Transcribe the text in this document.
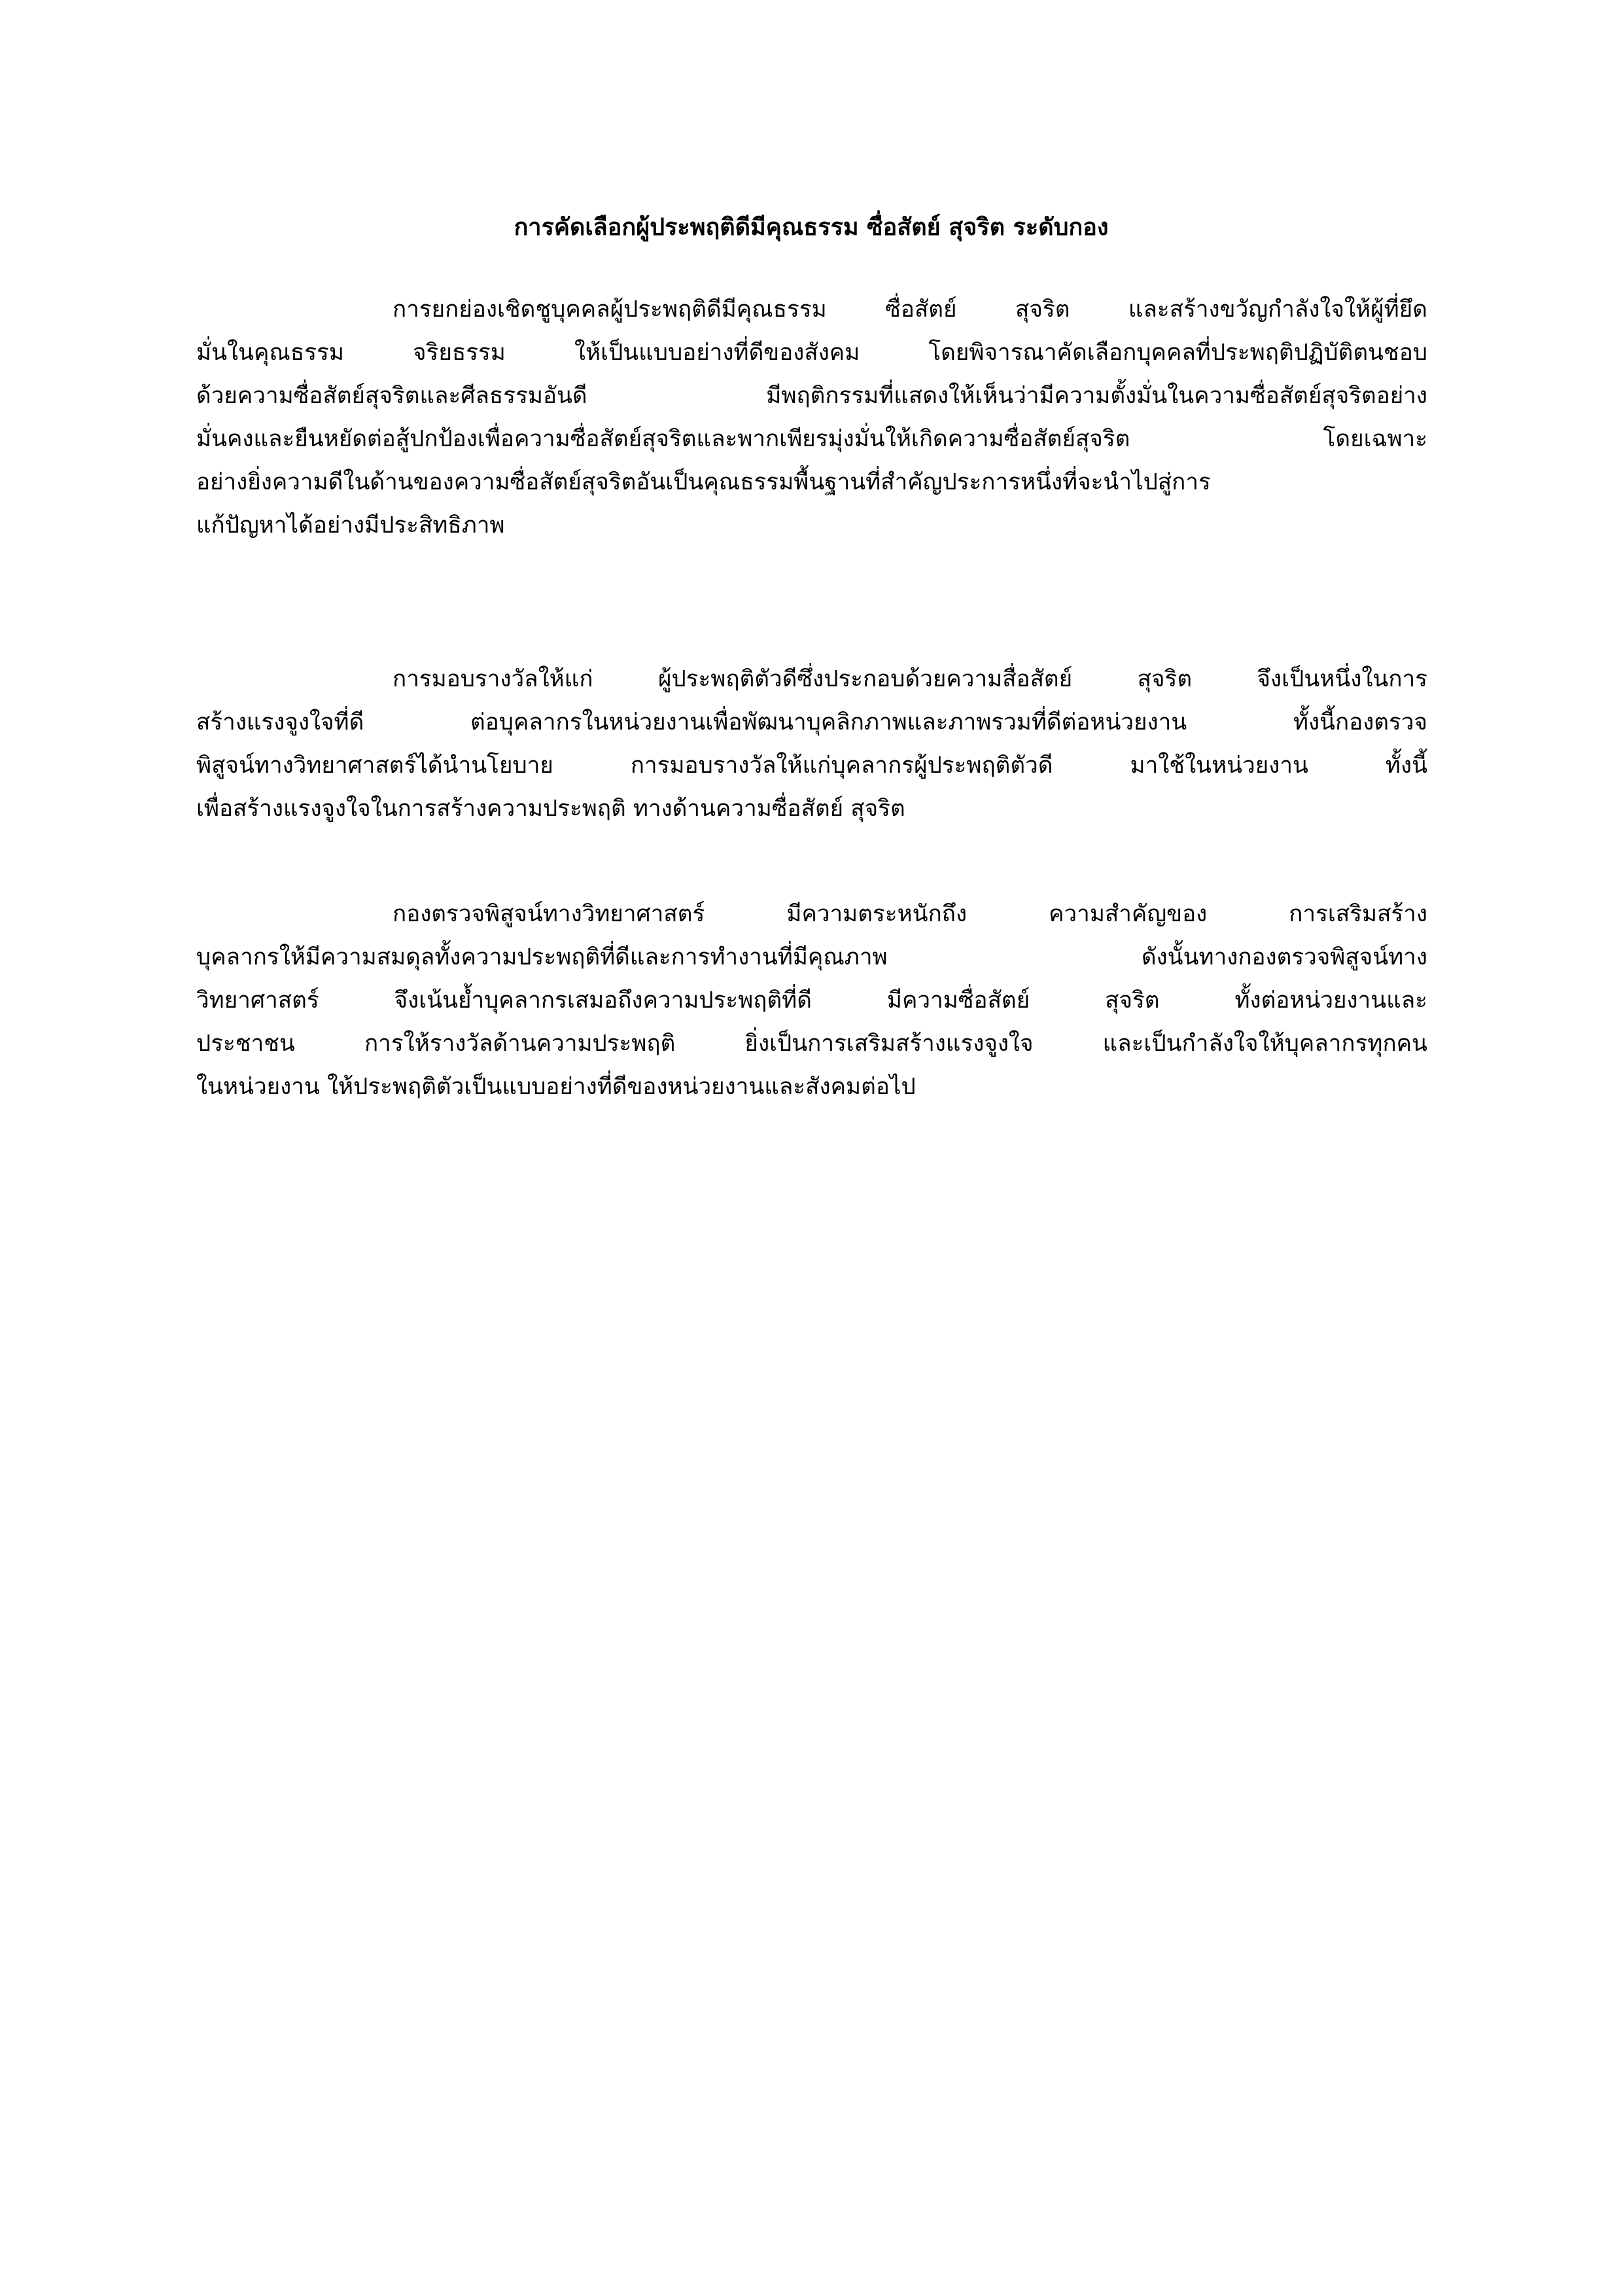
การคัดเลือกผู้ประพฤติดีมีคุณธรรม ซื่อสัตย์ สุจริต ระดับกอง
การยกย่องเชิดชูบุคคลผู้ประพฤติดีมีคุณธรรม ซื่อสัตย์ สุจริต และสร้างขวัญกำลังใจให้ผู้ที่ยึด
มั่นในคุณธรรม จริยธรรม ให้เป็นแบบอย่างที่ดีของสังคม โดยพิจารณาคัดเลือกบุคคลที่ประพฤติปฏิบัติตนชอบ
ด้วยความซื่อสัตย์สุจริตและศีลธรรมอันดี มีพฤติกรรมที่แสดงให้เห็นว่ามีความตั้งมั่นในความซื่อสัตย์สุจริตอย่าง
มั่นคงและยืนหยัดต่อสู้ปกป้องเพื่อความซื่อสัตย์สุจริตและพากเพียรมุ่งมั่นให้เกิดความซื่อสัตย์สุจริต โดยเฉพาะ
อย่างยิ่งความดีในด้านของความซื่อสัตย์สุจริตอันเป็นคุณธรรมพื้นฐานที่สำคัญประการหนึ่งที่จะนำไปสู่การ
แก้ปัญหาได้อย่างมีประสิทธิภาพ
การมอบรางวัลให้แก่ ผู้ประพฤติตัวดีซึ่งประกอบด้วยความสื่อสัตย์ สุจริต จึงเป็นหนึ่งในการ
สร้างแรงจูงใจที่ดี ต่อบุคลากรในหน่วยงานเพื่อพัฒนาบุคลิกภาพและภาพรวมที่ดีต่อหน่วยงาน ทั้งนี้กองตรวจ
พิสูจน์ทางวิทยาศาสตร์ได้นำนโยบาย การมอบรางวัลให้แก่บุคลากรผู้ประพฤติตัวดี มาใช้ในหน่วยงาน ทั้งนี้
เพื่อสร้างแรงจูงใจในการสร้างความประพฤติ ทางด้านความซื่อสัตย์ สุจริต
กองตรวจพิสูจน์ทางวิทยาศาสตร์ มีความตระหนักถึง ความสำคัญของ การเสริมสร้าง
บุคลากรให้มีความสมดุลทั้งความประพฤติที่ดีและการทำงานที่มีคุณภาพ ดังนั้นทางกองตรวจพิสูจน์ทาง
วิทยาศาสตร์ จึงเน้นย้ำบุคลากรเสมอถึงความประพฤติที่ดี มีความซื่อสัตย์ สุจริต ทั้งต่อหน่วยงานและ
ประชาชน การให้รางวัลด้านความประพฤติ ยิ่งเป็นการเสริมสร้างแรงจูงใจ และเป็นกำลังใจให้บุคลากรทุกคน
ในหน่วยงาน ให้ประพฤติตัวเป็นแบบอย่างที่ดีของหน่วยงานและสังคมต่อไป
